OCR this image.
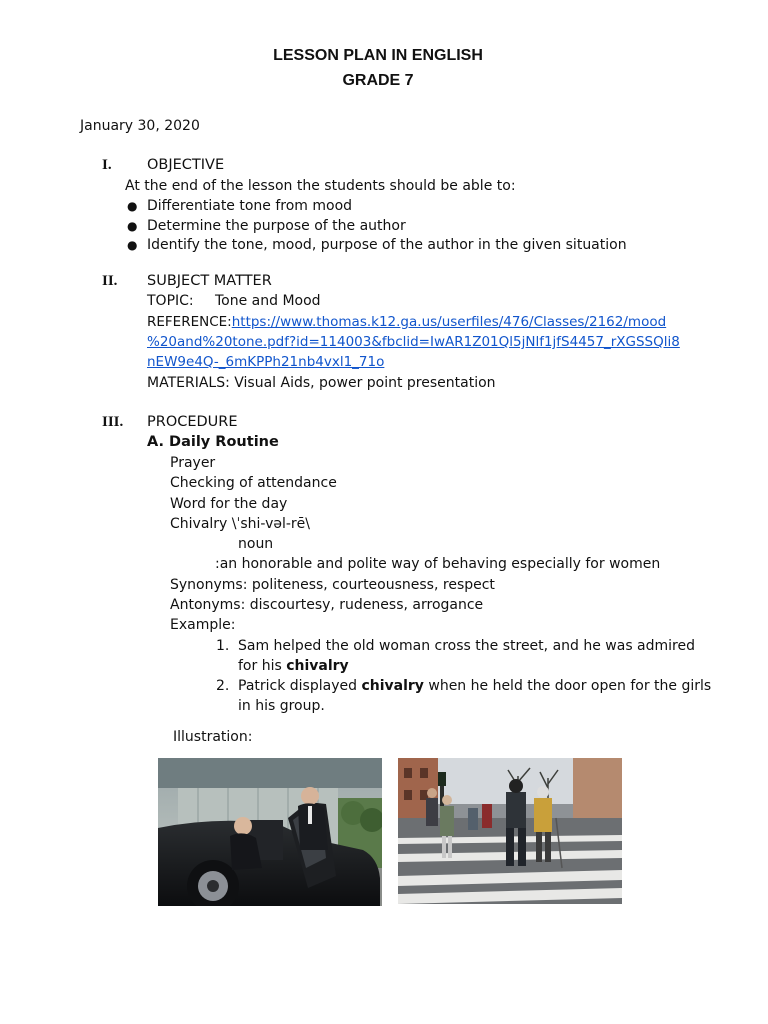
LESSON PLAN IN ENGLISH
GRADE 7
January 30, 2020
I. OBJECTIVE
At the end of the lesson the students should be able to:
● Differentiate tone from mood
● Determine the purpose of the author
● Identify the tone, mood, purpose of the author in the given situation
II. SUBJECT MATTER
TOPIC: Tone and Mood
REFERENCE:https://www.thomas.k12.ga.us/userfiles/476/Classes/2162/mood
%20and%20tone.pdf?id=114003&fbclid=IwAR1Z01Ql5jNlf1jfS4457_rXGSSQli8
nEW9e4Q-_6mKPPh21nb4vxl1_71o
MATERIALS: Visual Aids, power point presentation
III. PROCEDURE
A. Daily Routine
Prayer
Checking of attendance
Word for the day
Chivalry \ˈshi-vəl-rē\
noun
:an honorable and polite way of behaving especially for women
Synonyms: politeness, courteousness, respect
Antonyms: discourtesy, rudeness, arrogance
Example:
1. Sam helped the old woman cross the street, and he was admired
for his chivalry
2. Patrick displayed chivalry when he held the door open for the girls
in his group.
Illustration:
